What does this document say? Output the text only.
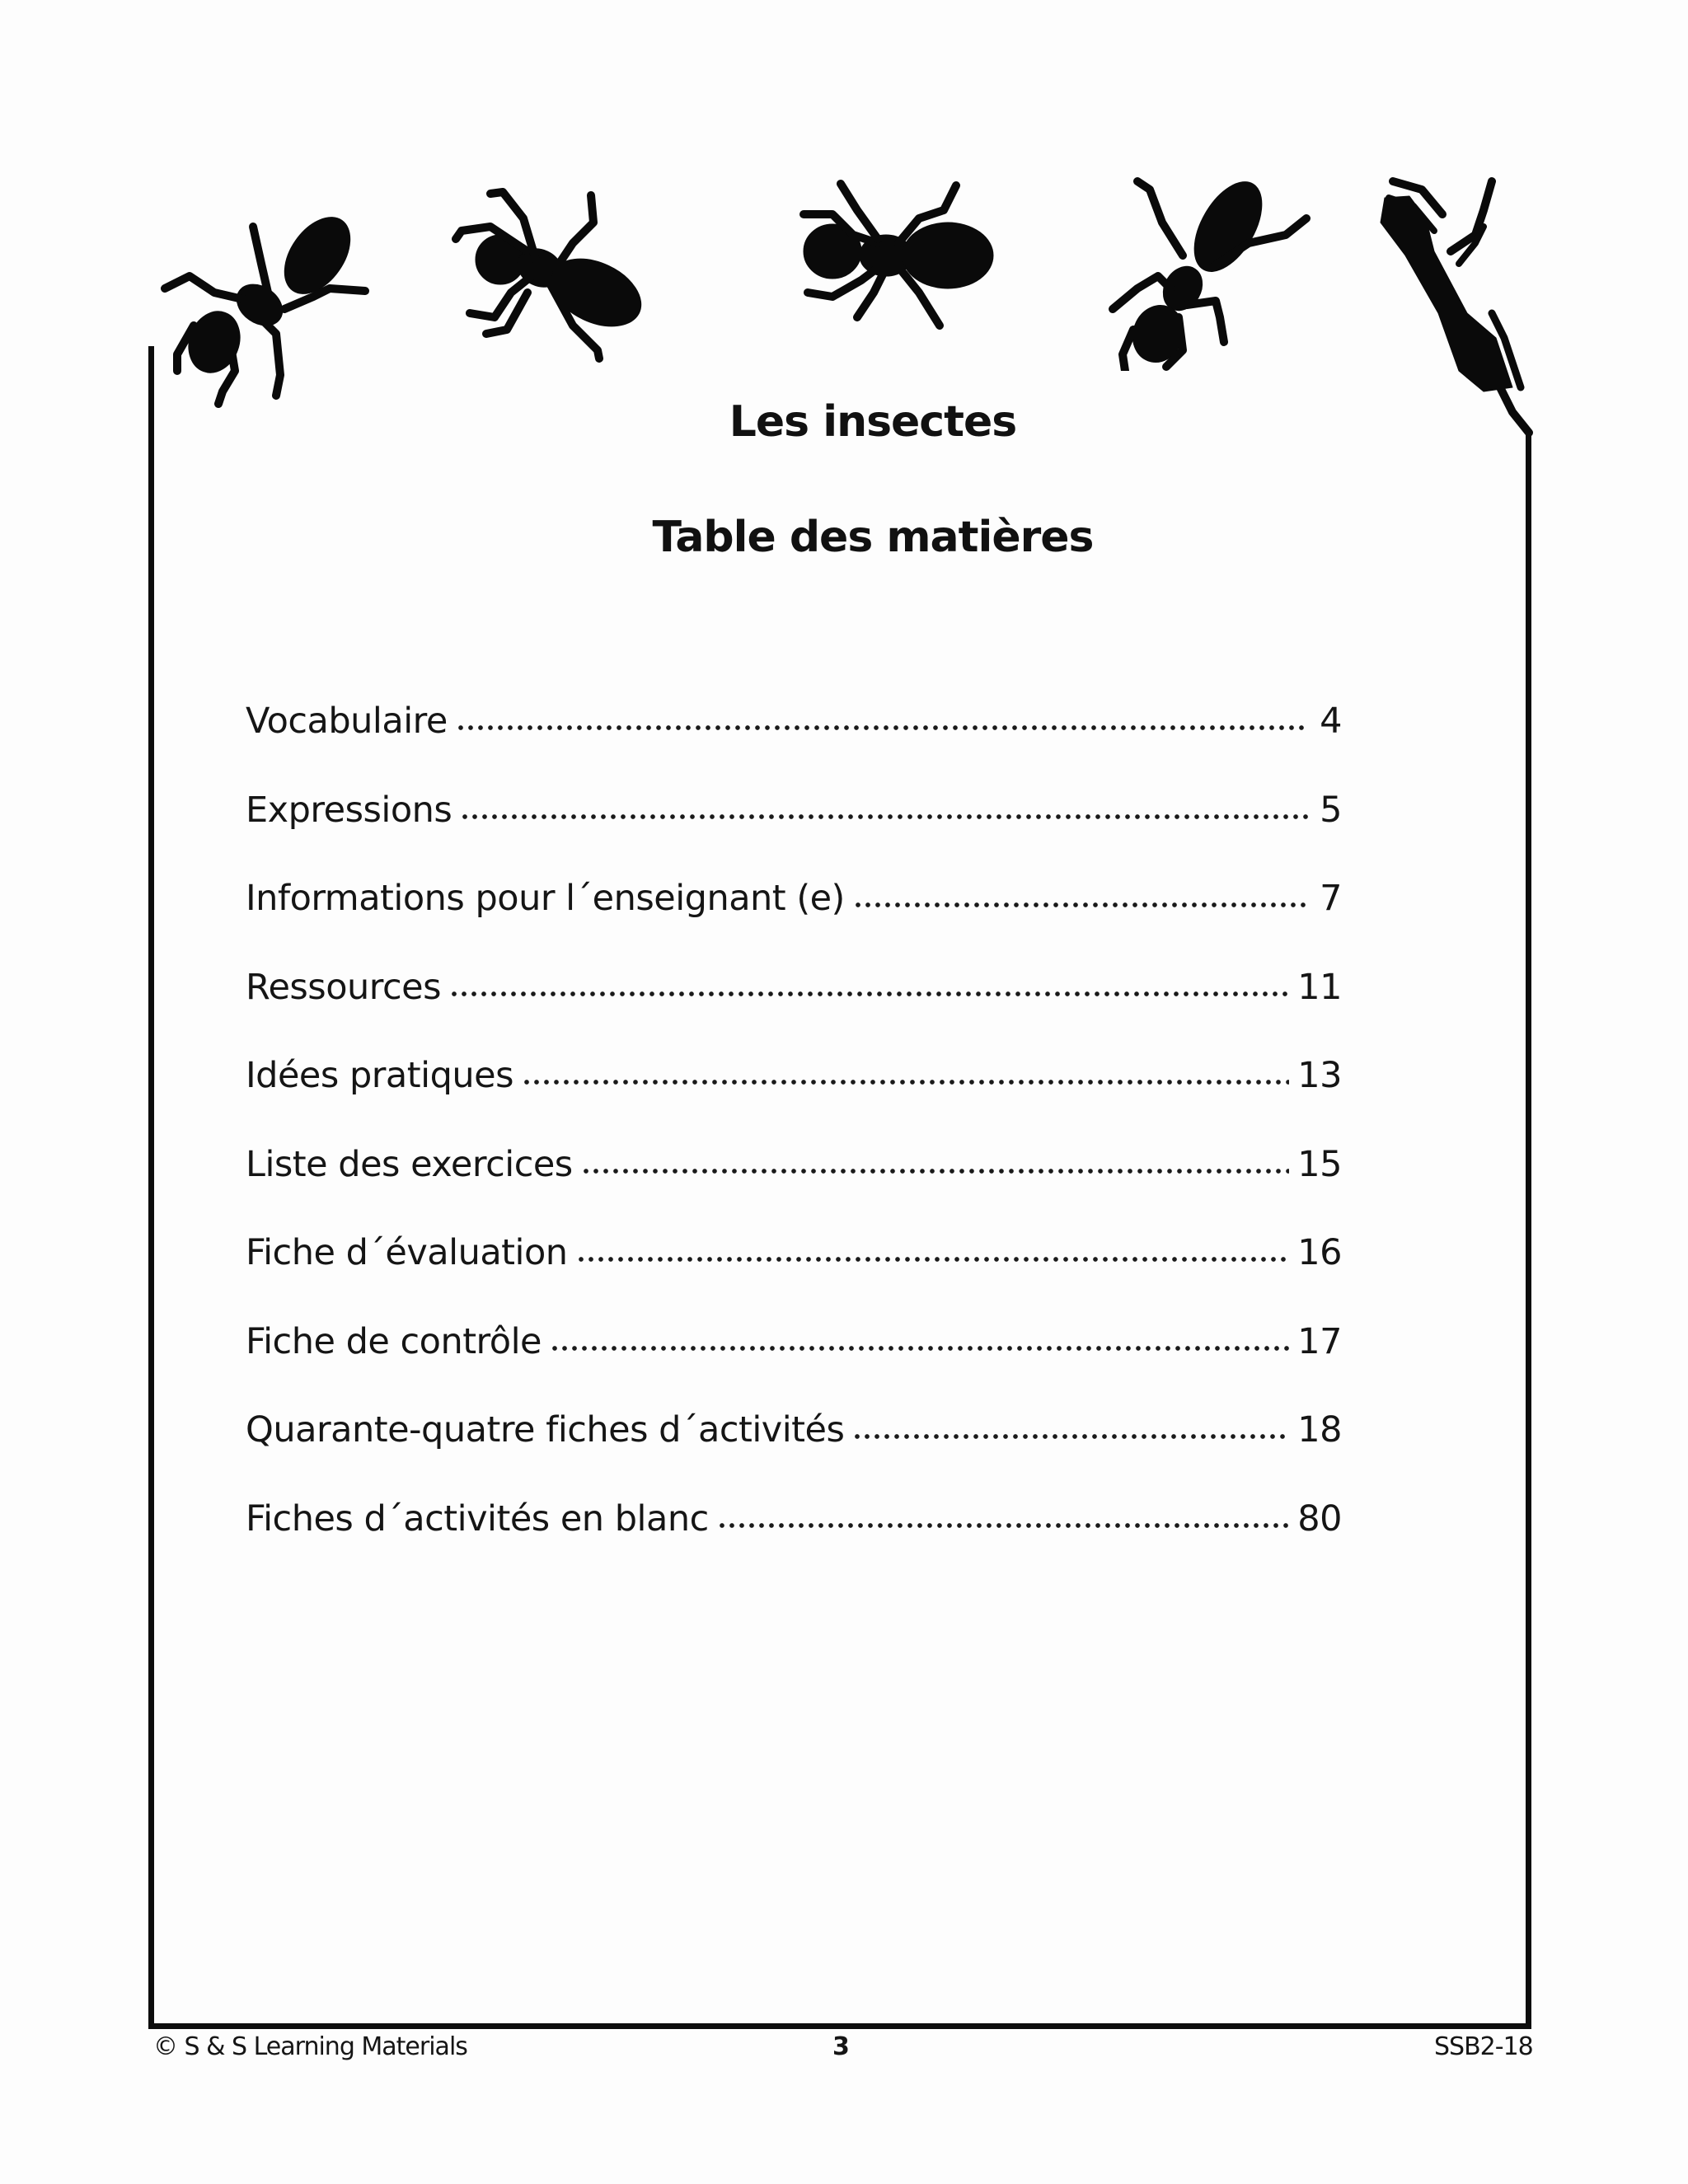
Les insectes
Table des matières
Vocabulaire	4
Expressions	5
Informations pour l´enseignant (e)	7
Ressources	11
Idées pratiques	13
Liste des exercices	15
Fiche d´évaluation	16
Fiche de contrôle	17
Quarante-quatre fiches d´activités	18
Fiches d´activités en blanc	80
© S & S Learning Materials	3	SSB2-18
